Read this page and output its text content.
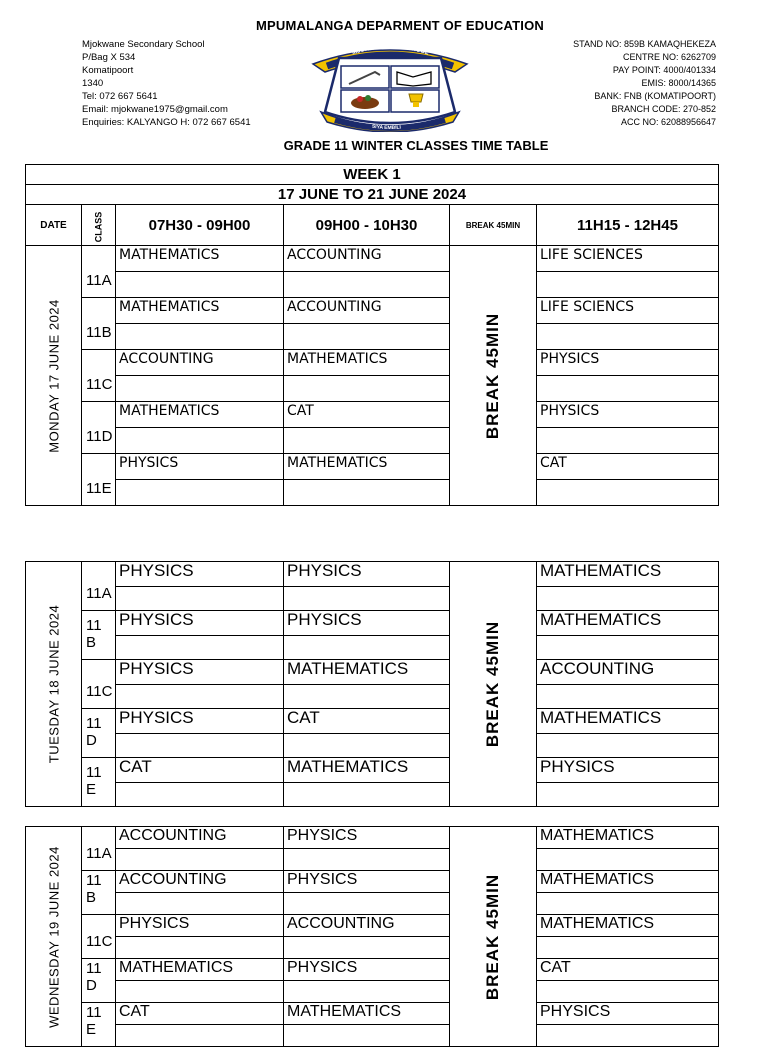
MPUMALANGA DEPARMENT OF EDUCATION
Mjokwane Secondary School
P/Bag X 534
Komatipoort
1340
Tel: 072 667 5641
Email: mjokwane1975@gmail.com
Enquiries: KALYANGO H: 072 667 6541
MJOKWANE SEC SCHOOL
SIYA EMBILI
STAND NO: 859B KAMAQHEKEZA
CENTRE NO: 6262709
PAY POINT: 4000/401334
EMIS: 8000/14365
BANK: FNB (KOMATIPOORT)
BRANCH CODE: 270-852
ACC NO: 62088956647
GRADE 11 WINTER CLASSES TIME TABLE
WEEK 1					
17 JUNE TO 21 JUNE 2024					
DATE	CLASS	07H30 - 09H00	09H00 - 10H30	BREAK 45MIN	11H15 - 12H45

MONDAY 17 JUNE 2024	11A	MATHEMATICS	ACCOUNTING	BREAK 45MIN	LIFE SCIENCES

	11B	MATHEMATICS	ACCOUNTING		LIFE SCIENCS

	11C	ACCOUNTING	MATHEMATICS		PHYSICS

	11D	MATHEMATICS	CAT		PHYSICS

	11E	PHYSICS	MATHEMATICS		CAT

TUESDAY 18 JUNE 2024	11A	PHYSICS	PHYSICS	BREAK 45MIN	MATHEMATICS

	11 B	PHYSICS	PHYSICS		MATHEMATICS

	11C	PHYSICS	MATHEMATICS		ACCOUNTING

	11 D	PHYSICS	CAT		MATHEMATICS

	11 E	CAT	MATHEMATICS		PHYSICS

WEDNESDAY 19 JUNE 2024	11A	ACCOUNTING	PHYSICS	BREAK 45MIN	MATHEMATICS

	11 B	ACCOUNTING	PHYSICS		MATHEMATICS

	11C	PHYSICS	ACCOUNTING		MATHEMATICS

	11 D	MATHEMATICS	PHYSICS		CAT

	11 E	CAT	MATHEMATICS		PHYSICS
